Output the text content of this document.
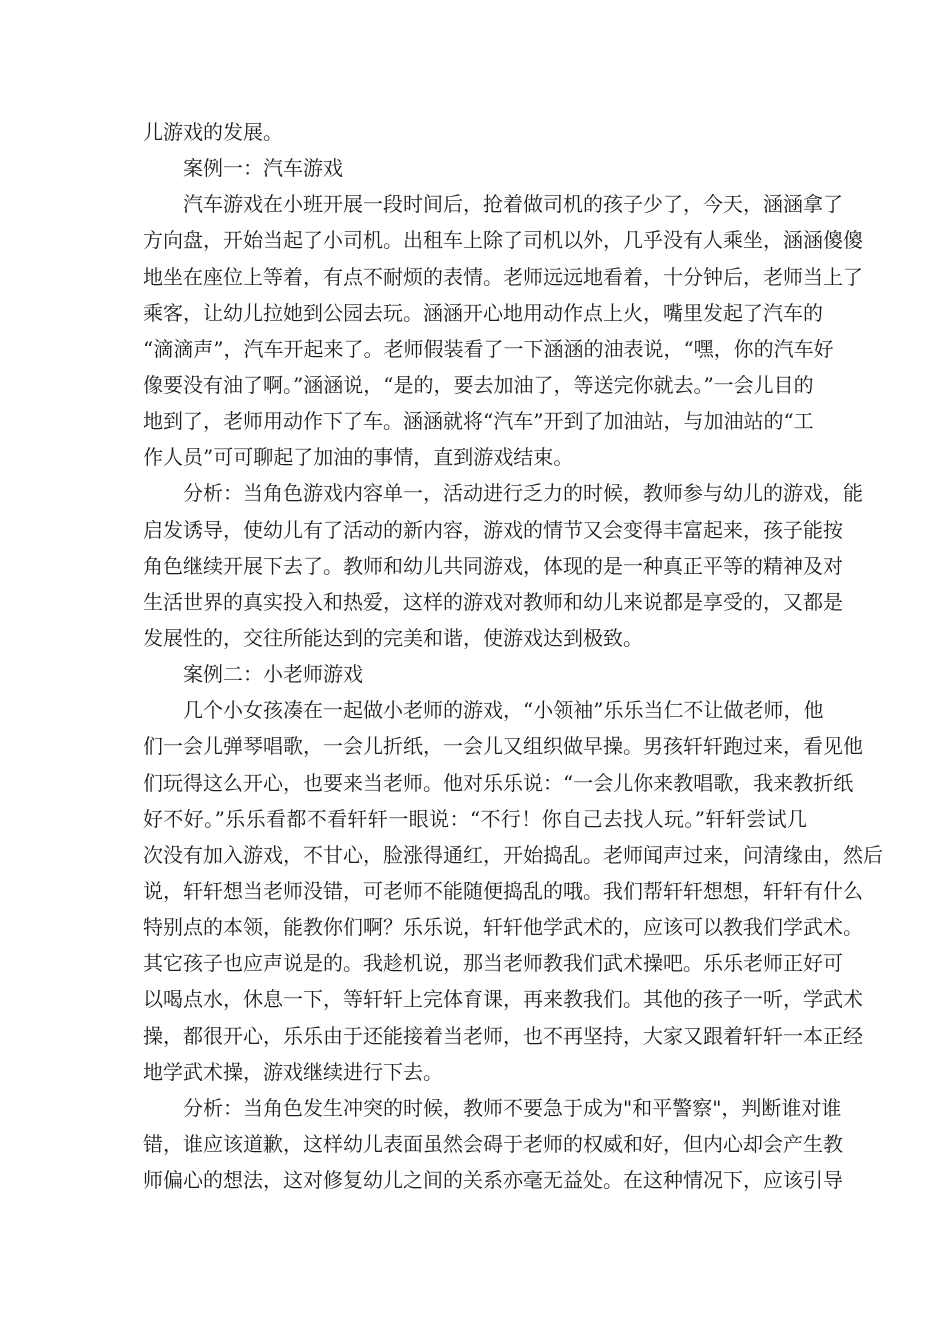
儿游戏的发展。
案例一：汽车游戏
汽车游戏在小班开展一段时间后，抢着做司机的孩子少了，今天，涵涵拿了
方向盘，开始当起了小司机。出租车上除了司机以外，几乎没有人乘坐，涵涵傻傻
地坐在座位上等着，有点不耐烦的表情。老师远远地看着，十分钟后，老师当上了
乘客，让幼儿拉她到公园去玩。涵涵开心地用动作点上火，嘴里发起了汽车的
“滴滴声”，汽车开起来了。老师假装看了一下涵涵的油表说，“嘿，你的汽车好
像要没有油了啊。”涵涵说，“是的，要去加油了，等送完你就去。”一会儿目的
地到了，老师用动作下了车。涵涵就将“汽车”开到了加油站，与加油站的“工
作人员”可可聊起了加油的事情，直到游戏结束。
分析：当角色游戏内容单一，活动进行乏力的时候，教师参与幼儿的游戏，能
启发诱导，使幼儿有了活动的新内容，游戏的情节又会变得丰富起来，孩子能按
角色继续开展下去了。教师和幼儿共同游戏，体现的是一种真正平等的精神及对
生活世界的真实投入和热爱，这样的游戏对教师和幼儿来说都是享受的，又都是
发展性的，交往所能达到的完美和谐，使游戏达到极致。
案例二：小老师游戏
几个小女孩凑在一起做小老师的游戏，“小领袖”乐乐当仁不让做老师，他
们一会儿弹琴唱歌，一会儿折纸，一会儿又组织做早操。男孩轩轩跑过来，看见他
们玩得这么开心，也要来当老师。他对乐乐说：“一会儿你来教唱歌，我来教折纸
好不好。”乐乐看都不看轩轩一眼说：“不行！你自己去找人玩。”轩轩尝试几
次没有加入游戏，不甘心，脸涨得通红，开始捣乱。老师闻声过来，问清缘由，然后
说，轩轩想当老师没错，可老师不能随便捣乱的哦。我们帮轩轩想想，轩轩有什么
特别点的本领，能教你们啊？乐乐说，轩轩他学武术的，应该可以教我们学武术。
其它孩子也应声说是的。我趁机说，那当老师教我们武术操吧。乐乐老师正好可
以喝点水，休息一下，等轩轩上完体育课，再来教我们。其他的孩子一听，学武术
操，都很开心，乐乐由于还能接着当老师，也不再坚持，大家又跟着轩轩一本正经
地学武术操，游戏继续进行下去。
分析：当角色发生冲突的时候，教师不要急于成为"和平警察"，判断谁对谁
错，谁应该道歉，这样幼儿表面虽然会碍于老师的权威和好，但内心却会产生教
师偏心的想法，这对修复幼儿之间的关系亦毫无益处。在这种情况下，应该引导
